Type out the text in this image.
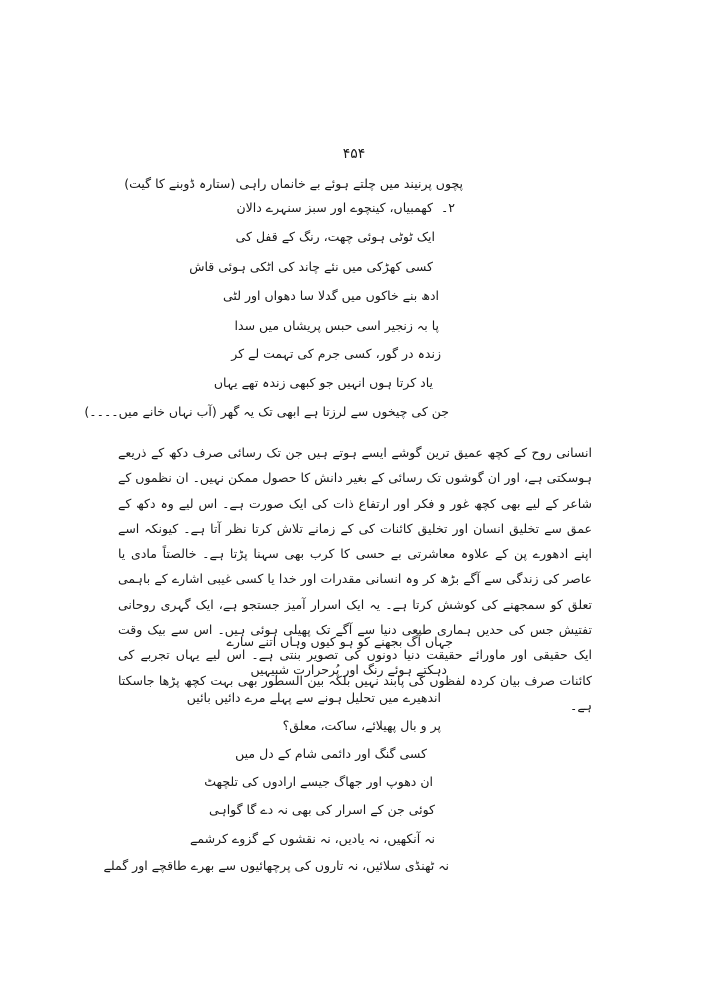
۴۵۴
پچوں پرنیند میں چلتے ہوئے بے خانماں راہی (ستارہ ڈوبنے کا گیت)
۲۔
کھمبیاں، کینچوے اور سبز سنہرے دالان
ایک ٹوٹی ہوئی چھت، رنگ کے قفل کی
کسی کھڑکی میں نئے چاند کی اٹکی ہوئی قاش
ادھ بنے خاکوں میں گدلا سا دھواں اور لٹی
پا بہ زنجیر اسی حبس پریشاں میں سدا
زندہ در گور، کسی جرم کی تہمت لے کر
یاد کرتا ہوں انہیں جو کبھی زندہ تھے یہاں
جن کی چیخوں سے لرزتا ہے ابھی تک یہ گھر (آب نہاں خانے میں۔۔۔۔)
انسانی روح کے کچھ عمیق ترین گوشے ایسے ہوتے ہیں جن تک رسائی صرف دکھ کے ذریعے ہوسکتی ہے، اور ان گوشوں تک رسائی کے بغیر دانش کا حصول ممکن نہیں۔ ان نظموں کے شاعر کے لیے بھی کچھ غور و فکر اور ارتفاع ذات کی ایک صورت ہے۔ اس لیے وہ دکھ کے عمق سے تخلیق انسان اور تخلیق کائنات کی کے زمانے تلاش کرتا نظر آتا ہے۔ کیونکہ اسے اپنے ادھورے پن کے علاوہ معاشرتی بے حسی کا کرب بھی سہنا پڑتا ہے۔ خالصتاً مادی یا عاصر کی زندگی سے آگے بڑھ کر وہ انسانی مقدرات اور خدا یا کسی غیبی اشارے کے باہمی تعلق کو سمجھنے کی کوشش کرتا ہے۔ یہ ایک اسرار آمیز جستجو ہے، ایک گہری روحانی تفتیش جس کی حدیں ہماری طبعی دنیا سے آگے تک پھیلی ہوئی ہیں۔ اس سے بیک وقت ایک حقیقی اور ماورائے حقیقت دنیا دونوں کی تصویر بنتی ہے۔ اس لیے یہاں تجربے کی کائنات صرف بیان کردہ لفظوں کی پابند نہیں بلکہ بین السطور بھی بہت کچھ پڑھا جاسکتا ہے۔
جہاں آگ بجھنے کو ہو کیوں وہاں اتنے سارے
دہکتے ہوئے رنگ اور پُرحرارت شبیہیں
اندھیرے میں تحلیل ہونے سے پہلے مرے دائیں بائیں
پر و بال پھیلائے، ساکت، معلق؟
کسی گنگ اور دائمی شام کے دل میں
ان دھوپ اور جھاگ جیسے ارادوں کی تلچھٹ
کوئی جن کے اسرار کی بھی نہ دے گا گواہی
نہ آنکھیں، نہ یادیں، نہ نقشوں کے گزوے کرشمے
نہ ٹھنڈی سلائیں، نہ تاروں کی پرچھائیوں سے بھرے طاقچے اور گملے
